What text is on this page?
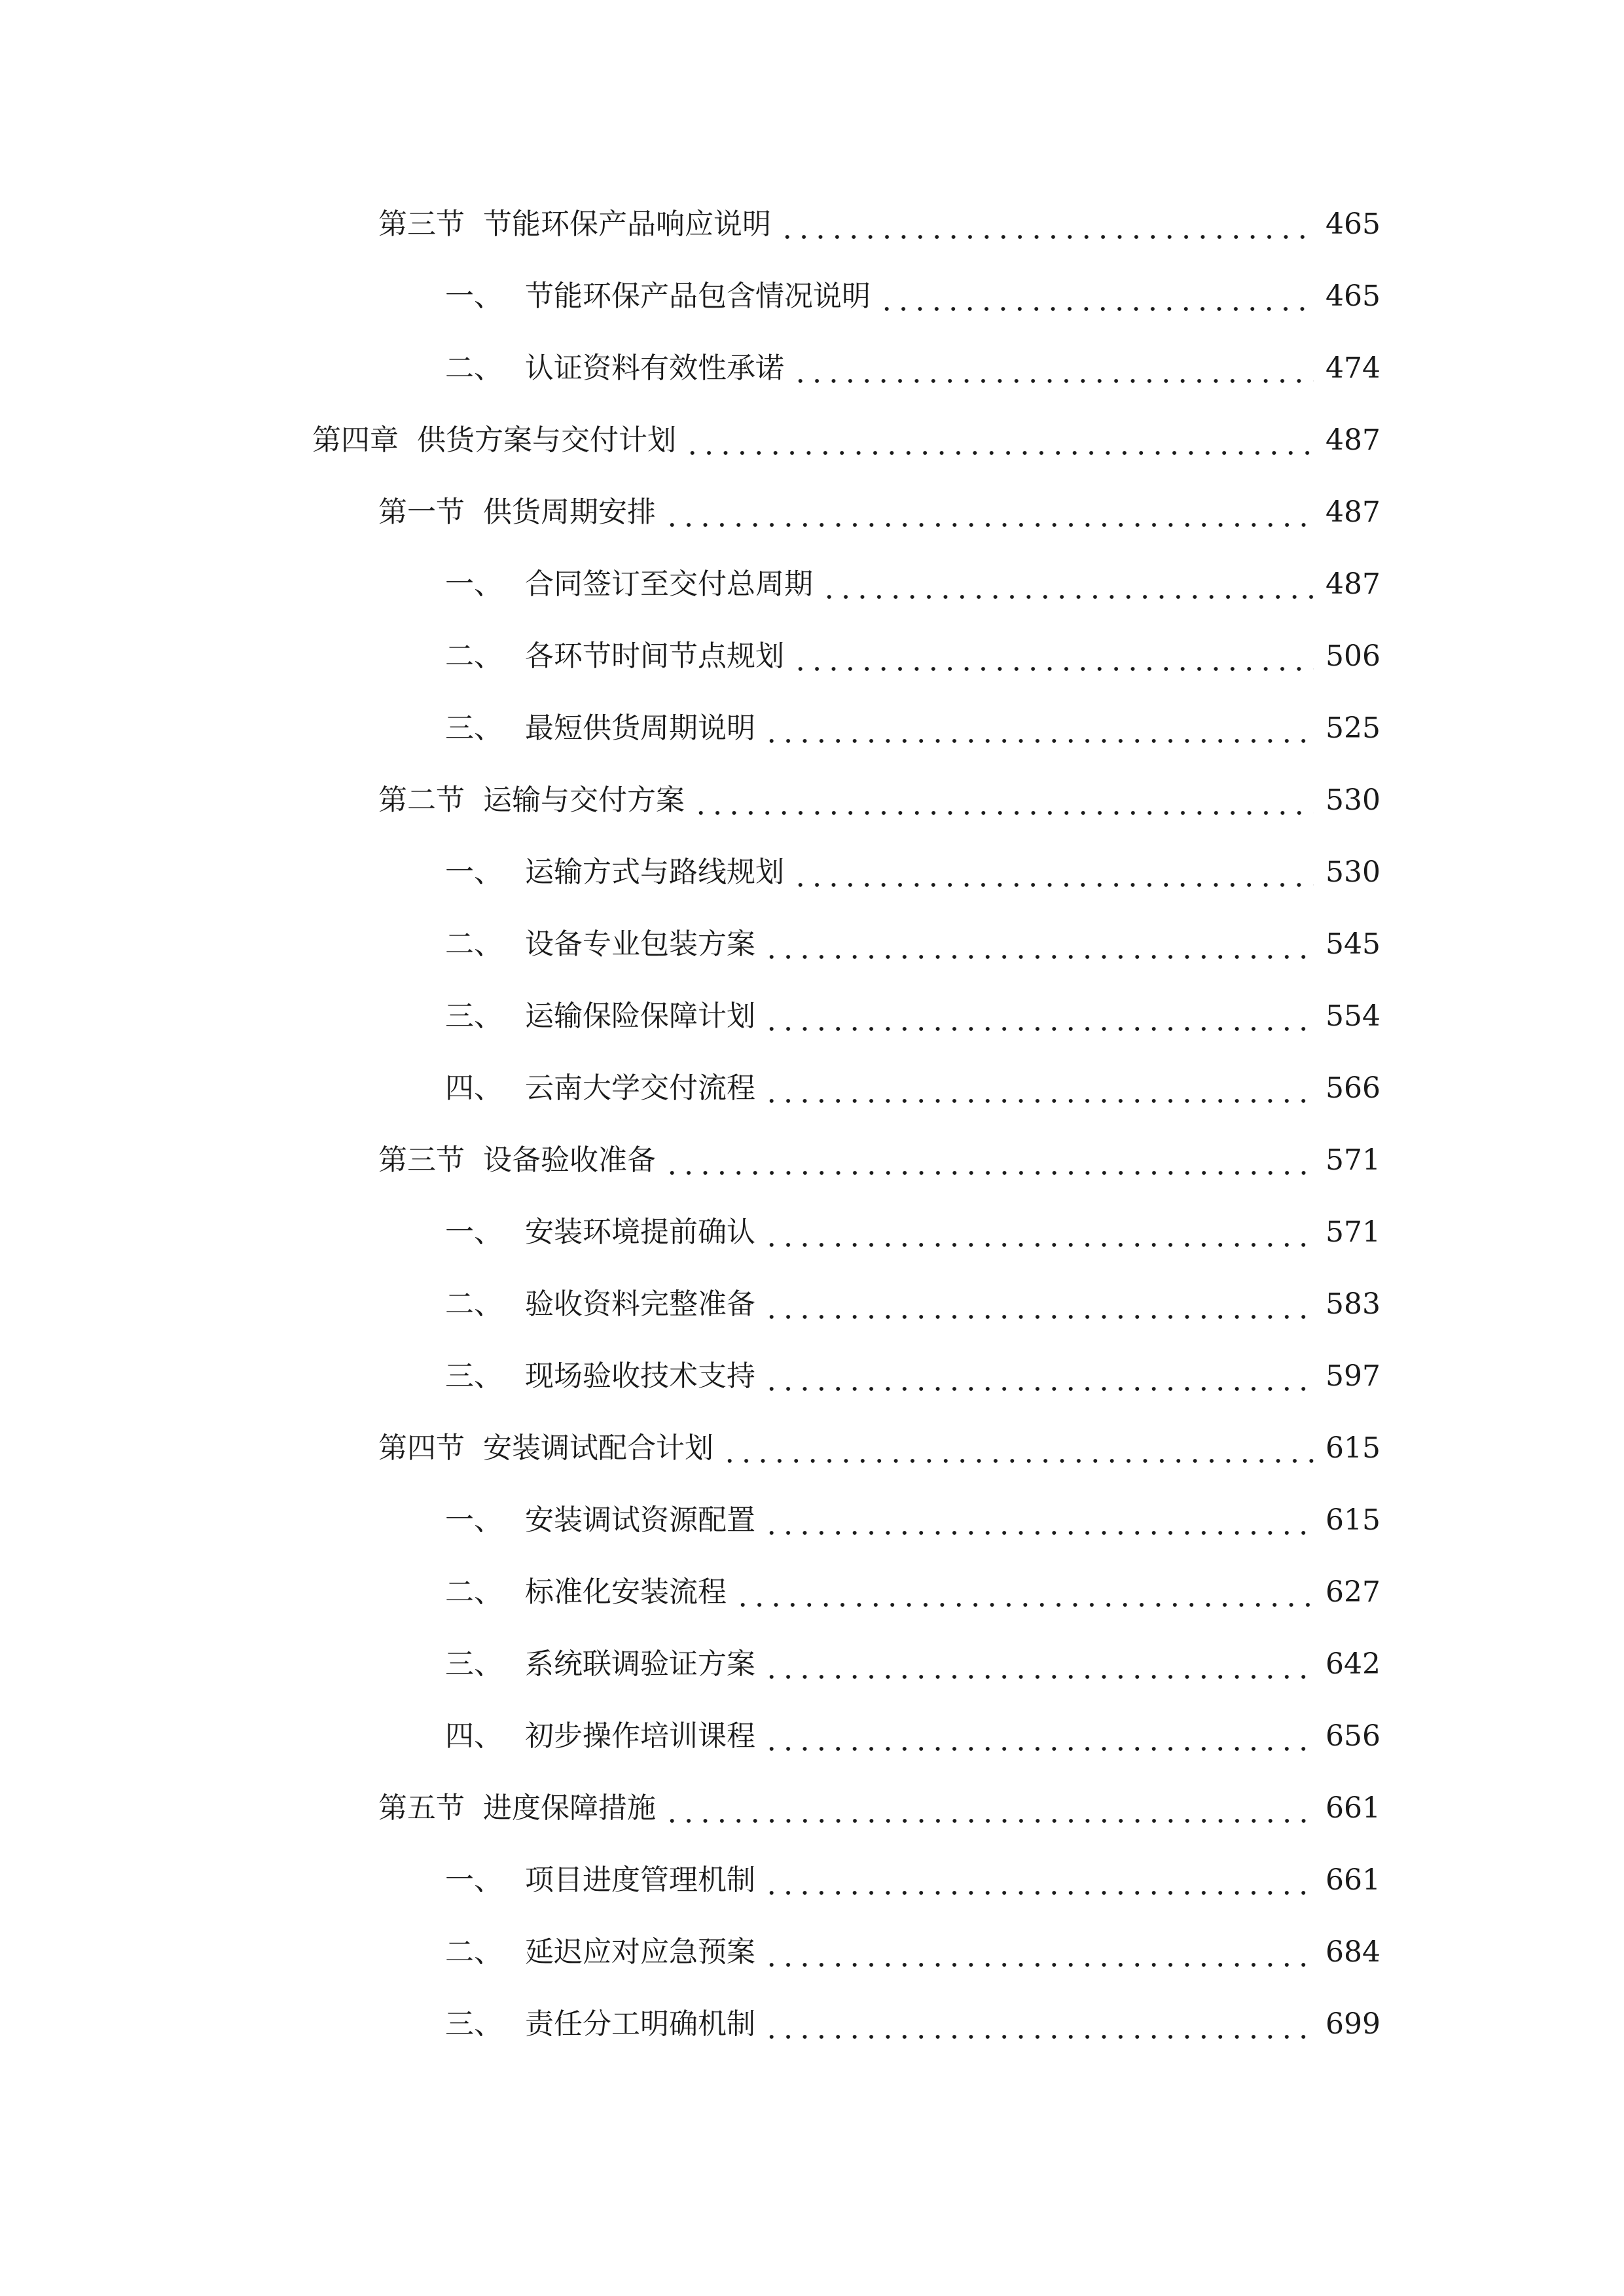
第三节 节能环保产品响应说明	465
一、 节能环保产品包含情况说明	465
二、 认证资料有效性承诺	474
第四章 供货方案与交付计划	487
第一节 供货周期安排	487
一、 合同签订至交付总周期	487
二、 各环节时间节点规划	506
三、 最短供货周期说明	525
第二节 运输与交付方案	530
一、 运输方式与路线规划	530
二、 设备专业包装方案	545
三、 运输保险保障计划	554
四、 云南大学交付流程	566
第三节 设备验收准备	571
一、 安装环境提前确认	571
二、 验收资料完整准备	583
三、 现场验收技术支持	597
第四节 安装调试配合计划	615
一、 安装调试资源配置	615
二、 标准化安装流程	627
三、 系统联调验证方案	642
四、 初步操作培训课程	656
第五节 进度保障措施	661
一、 项目进度管理机制	661
二、 延迟应对应急预案	684
三、 责任分工明确机制	699
